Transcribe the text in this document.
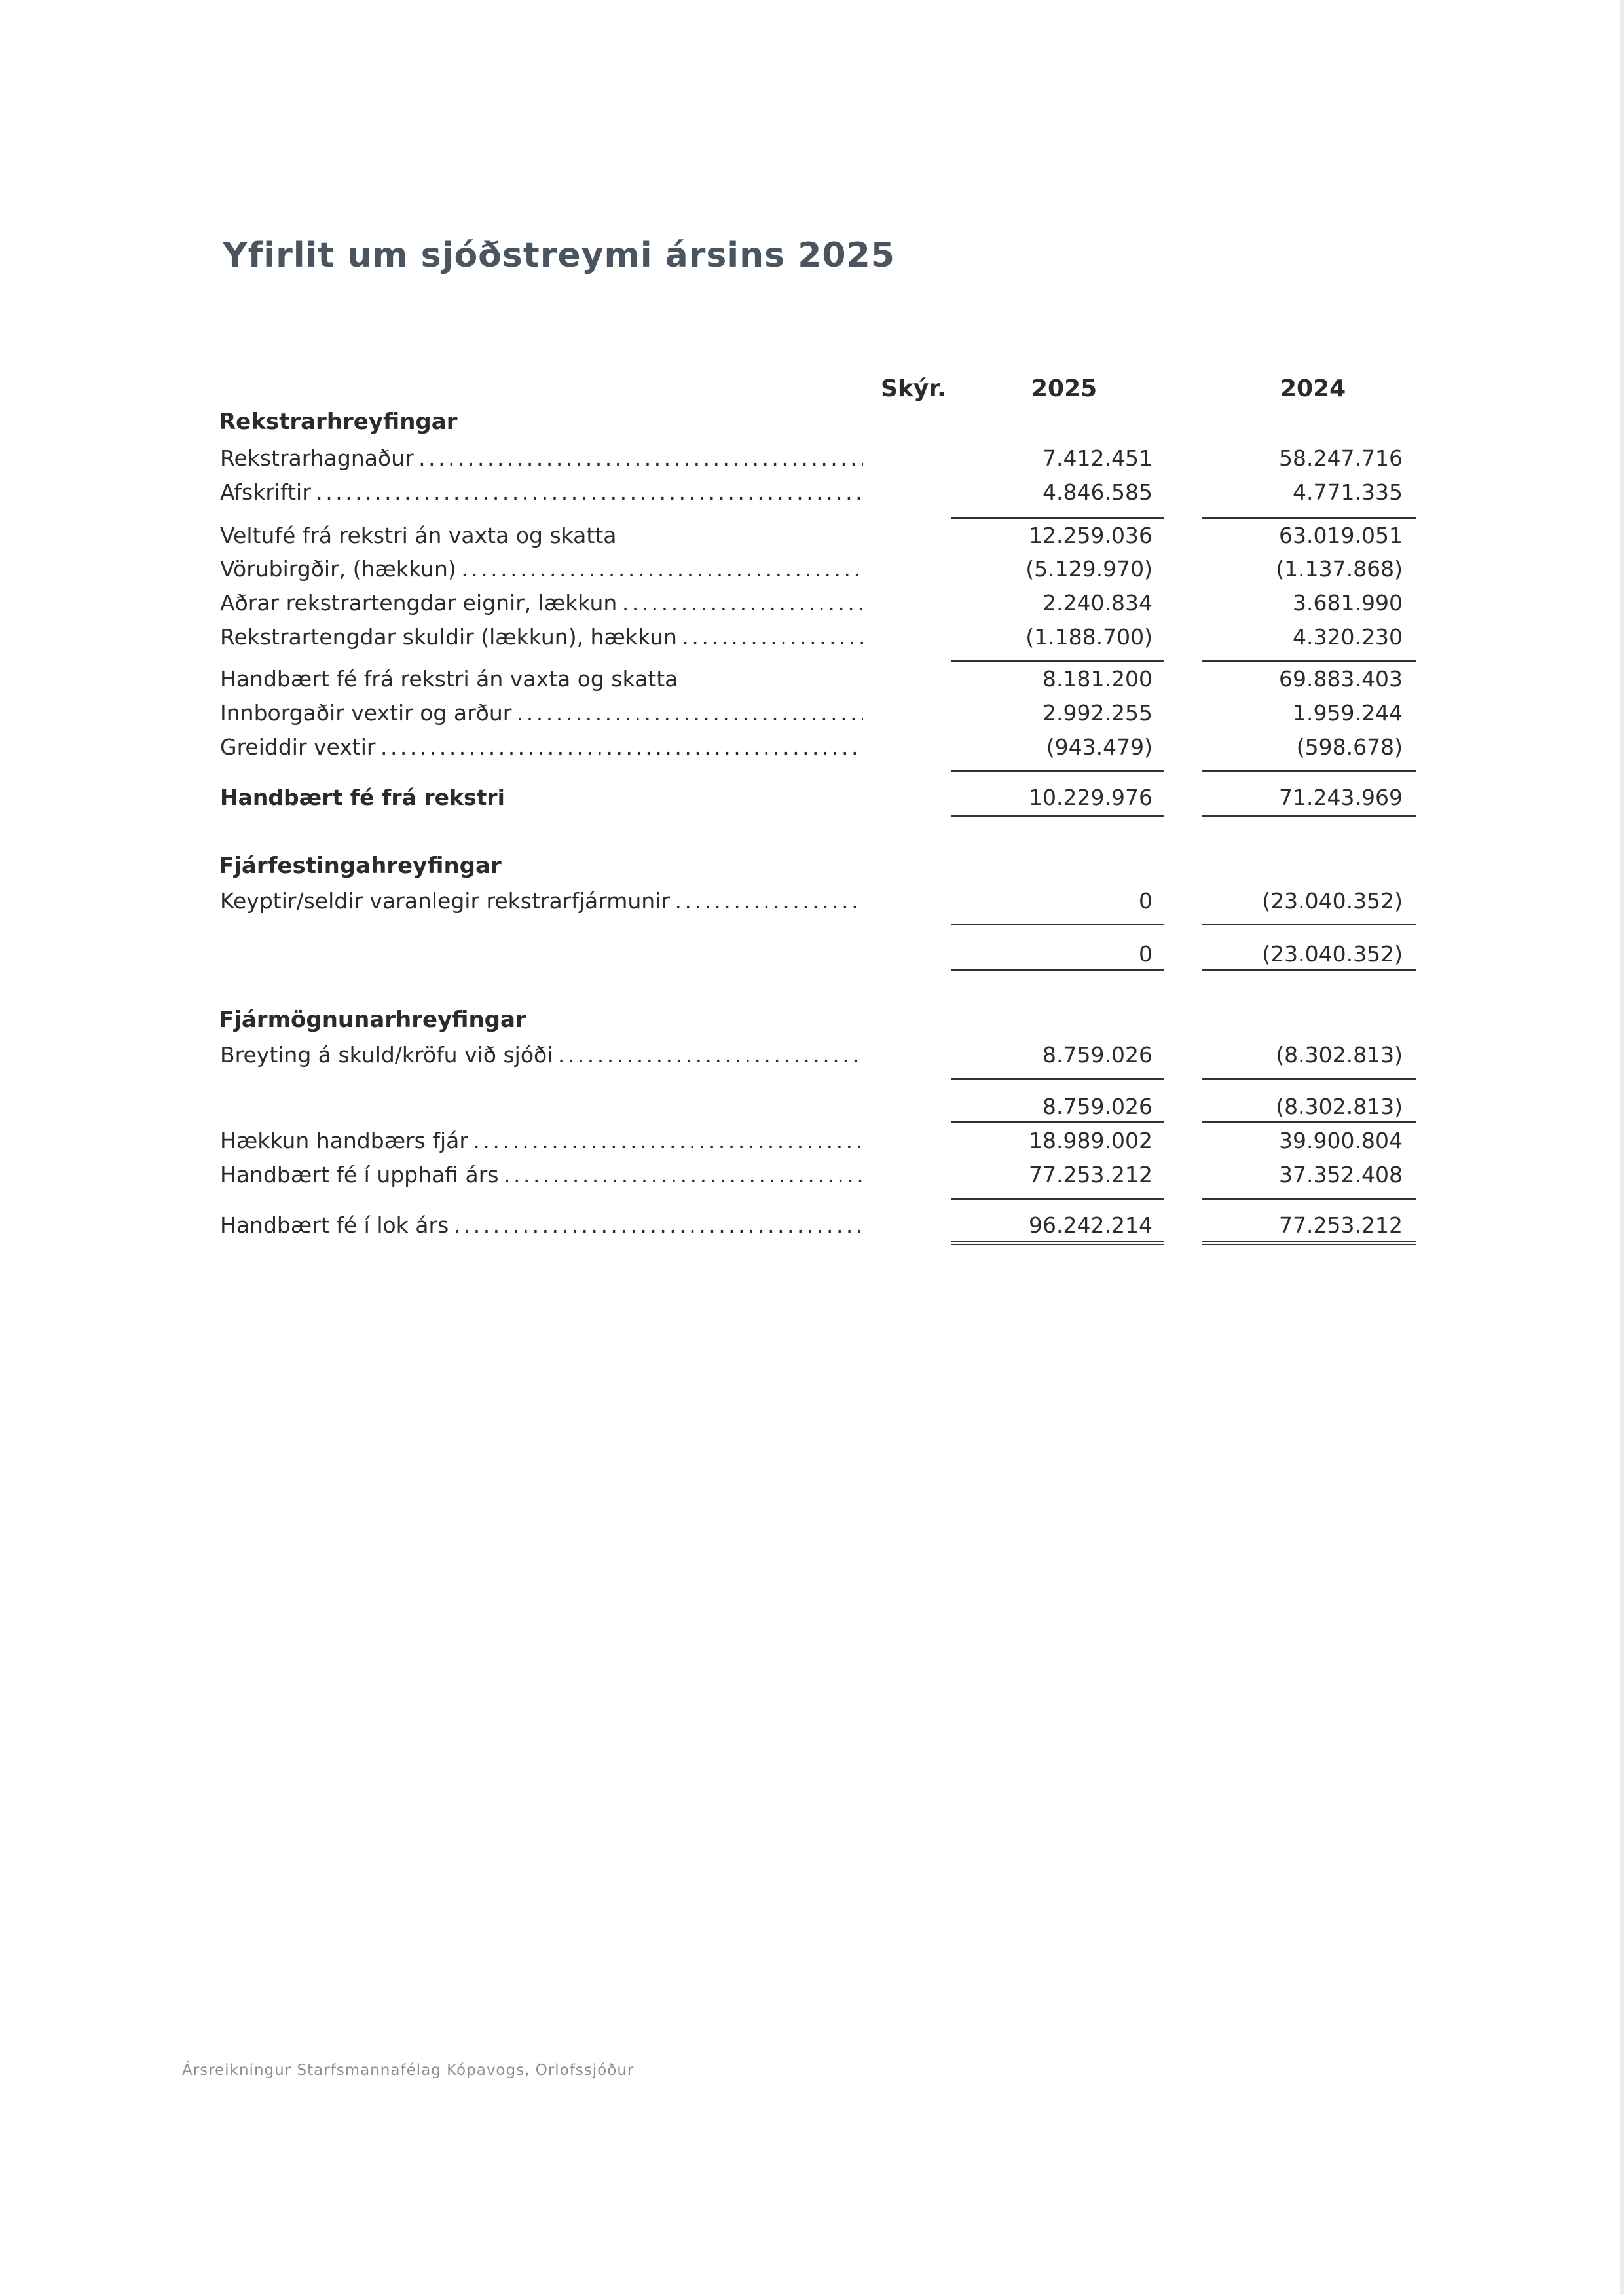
Yfirlit um sjóðstreymi ársins 2025
Skýr.	2025	2024
Rekstrarhreyfingar
Rekstrarhagnaður . . .	7.412.451	58.247.716
Afskriftir . . .	4.846.585	4.771.335
Veltufé frá rekstri án vaxta og skatta	12.259.036	63.019.051
Vörubirgðir, (hækkun) . . .	(5.129.970)	(1.137.868)
Aðrar rekstrartengdar eignir, lækkun . . .	2.240.834	3.681.990
Rekstrartengdar skuldir (lækkun), hækkun . . .	(1.188.700)	4.320.230
Handbært fé frá rekstri án vaxta og skatta	8.181.200	69.883.403
Innborgaðir vextir og arður . . .	2.992.255	1.959.244
Greiddir vextir . . .	(943.479)	(598.678)
Handbært fé frá rekstri	10.229.976	71.243.969
Fjárfestingahreyfingar
Keyptir/seldir varanlegir rekstrarfjármunir . . .	0	(23.040.352)
0	(23.040.352)
Fjármögnunarhreyfingar
Breyting á skuld/kröfu við sjóði . . .	8.759.026	(8.302.813)
8.759.026	(8.302.813)
Hækkun handbærs fjár . . .	18.989.002	39.900.804
Handbært fé í upphafi árs . . .	77.253.212	37.352.408
Handbært fé í lok árs . . .	96.242.214	77.253.212
Ársreikningur Starfsmannafélag Kópavogs, Orlofssjóður
